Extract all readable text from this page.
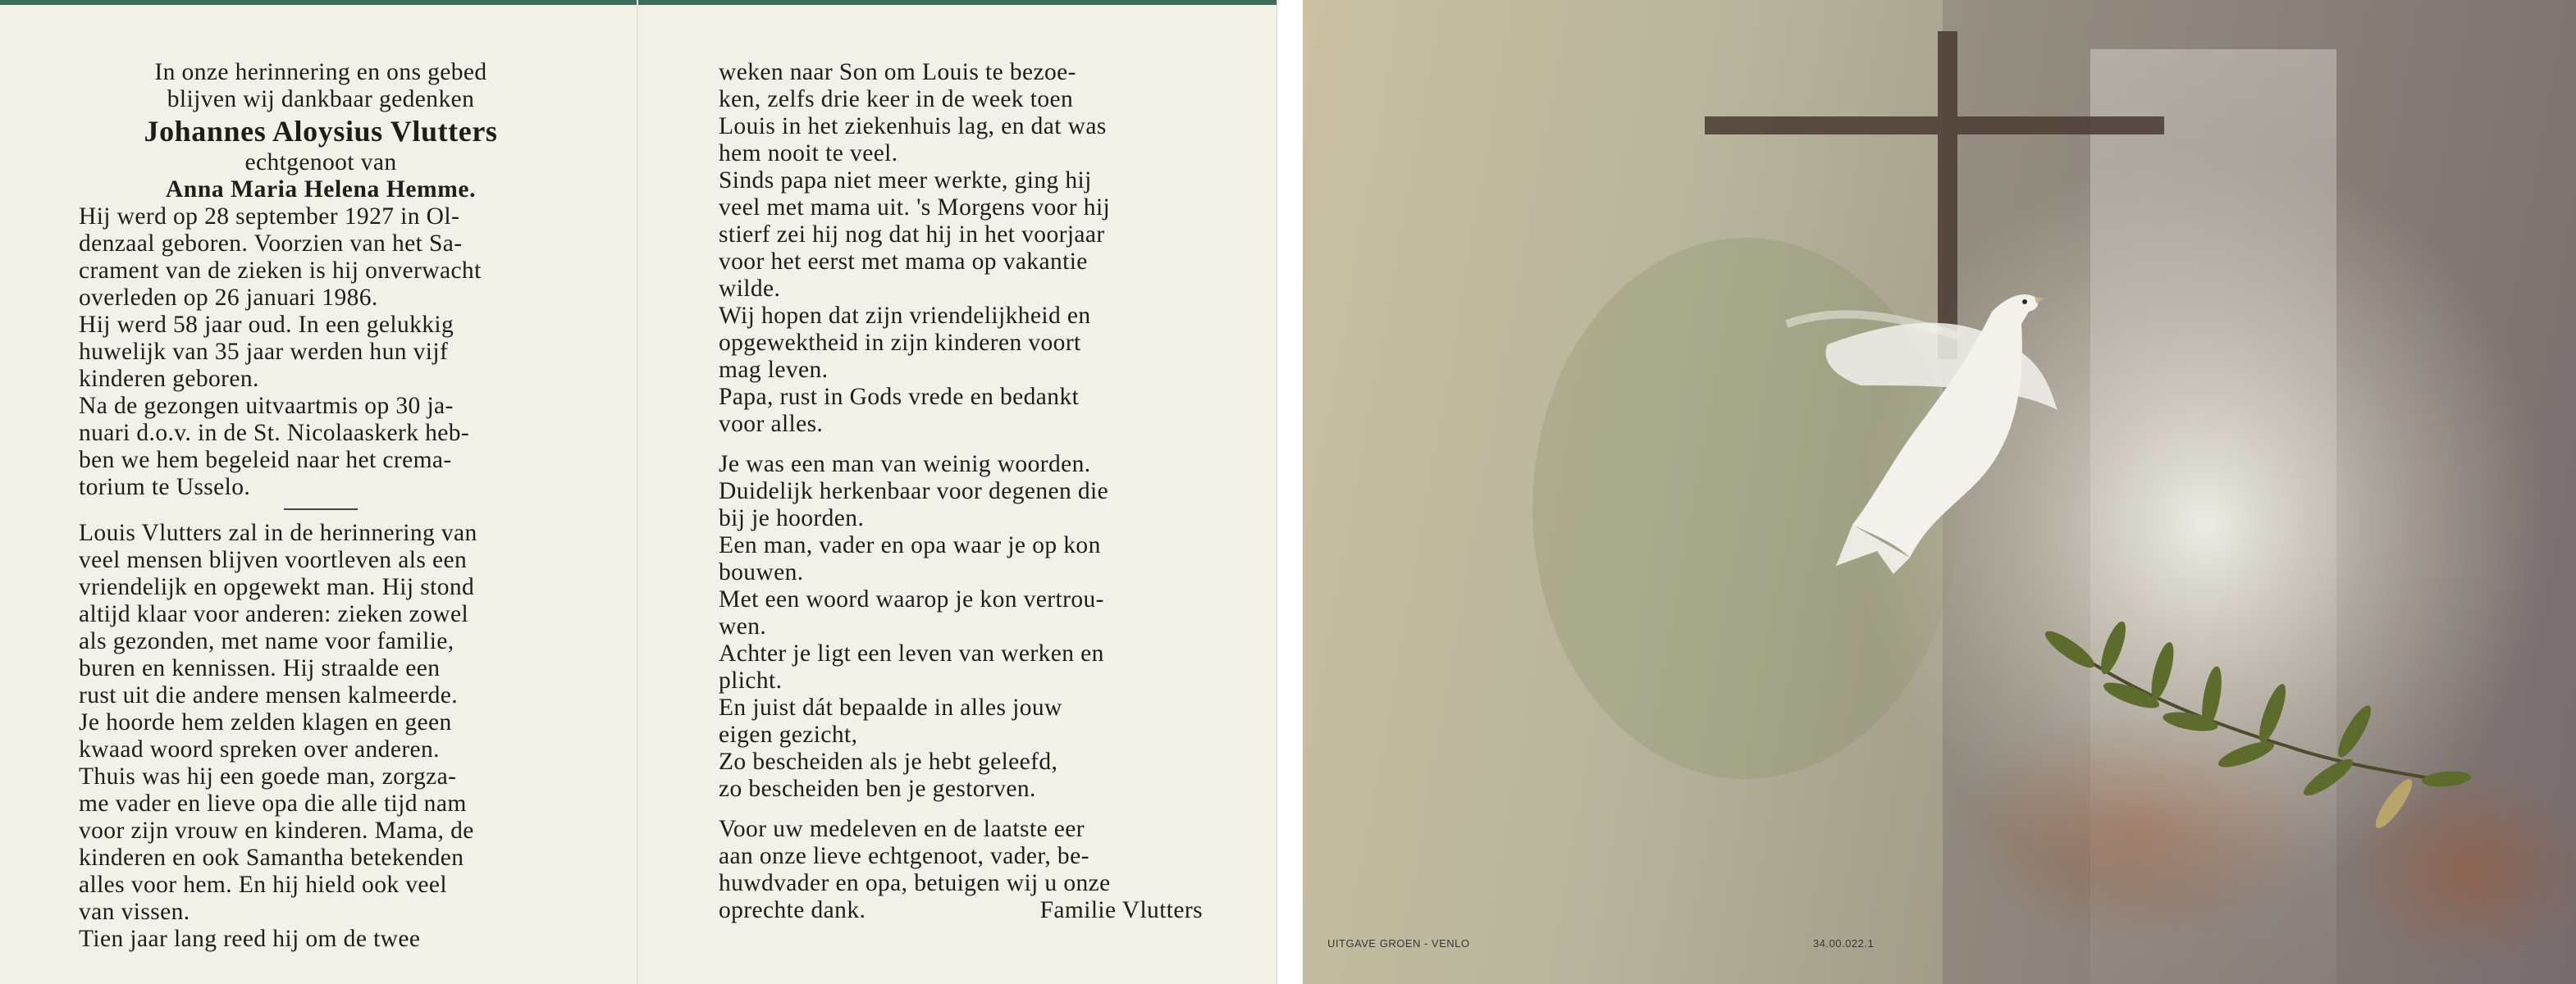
In onze herinnering en ons gebed

blijven wij dankbaar gedenken

Johannes Aloysius Vlutters

echtgenoot van

Anna Maria Helena Hemme.

Hij werd op 28 september 1927 in Ol-

denzaal geboren. Voorzien van het Sa-

crament van de zieken is hij onverwacht

overleden op 26 januari 1986.

Hij werd 58 jaar oud. In een gelukkig

huwelijk van 35 jaar werden hun vijf

kinderen geboren.

Na de gezongen uitvaartmis op 30 ja-

nuari d.o.v. in de St. Nicolaaskerk heb-

ben we hem begeleid naar het crema-

torium te Usselo.

Louis Vlutters zal in de herinnering van

veel mensen blijven voortleven als een

vriendelijk en opgewekt man. Hij stond

altijd klaar voor anderen: zieken zowel

als gezonden, met name voor familie,

buren en kennissen. Hij straalde een

rust uit die andere mensen kalmeerde.

Je hoorde hem zelden klagen en geen

kwaad woord spreken over anderen.

Thuis was hij een goede man, zorgza-

me vader en lieve opa die alle tijd nam

voor zijn vrouw en kinderen. Mama, de

kinderen en ook Samantha betekenden

alles voor hem. En hij hield ook veel

van vissen.

Tien jaar lang reed hij om de twee

weken naar Son om Louis te bezoe-

ken, zelfs drie keer in de week toen

Louis in het ziekenhuis lag, en dat was

hem nooit te veel.

Sinds papa niet meer werkte, ging hij

veel met mama uit. 's Morgens voor hij

stierf zei hij nog dat hij in het voorjaar

voor het eerst met mama op vakantie

wilde.

Wij hopen dat zijn vriendelijkheid en

opgewektheid in zijn kinderen voort

mag leven.

Papa, rust in Gods vrede en bedankt

voor alles.

Je was een man van weinig woorden.

Duidelijk herkenbaar voor degenen die

bij je hoorden.

Een man, vader en opa waar je op kon

bouwen.

Met een woord waarop je kon vertrou-

wen.

Achter je ligt een leven van werken en

plicht.

En juist dát bepaalde in alles jouw

eigen gezicht,

Zo bescheiden als je hebt geleefd,

zo bescheiden ben je gestorven.

Voor uw medeleven en de laatste eer

aan onze lieve echtgenoot, vader, be-

huwdvader en opa, betuigen wij u onze

oprechte dank.	Familie Vlutters
UITGAVE GROEN - VENLO	34.00.022.1
